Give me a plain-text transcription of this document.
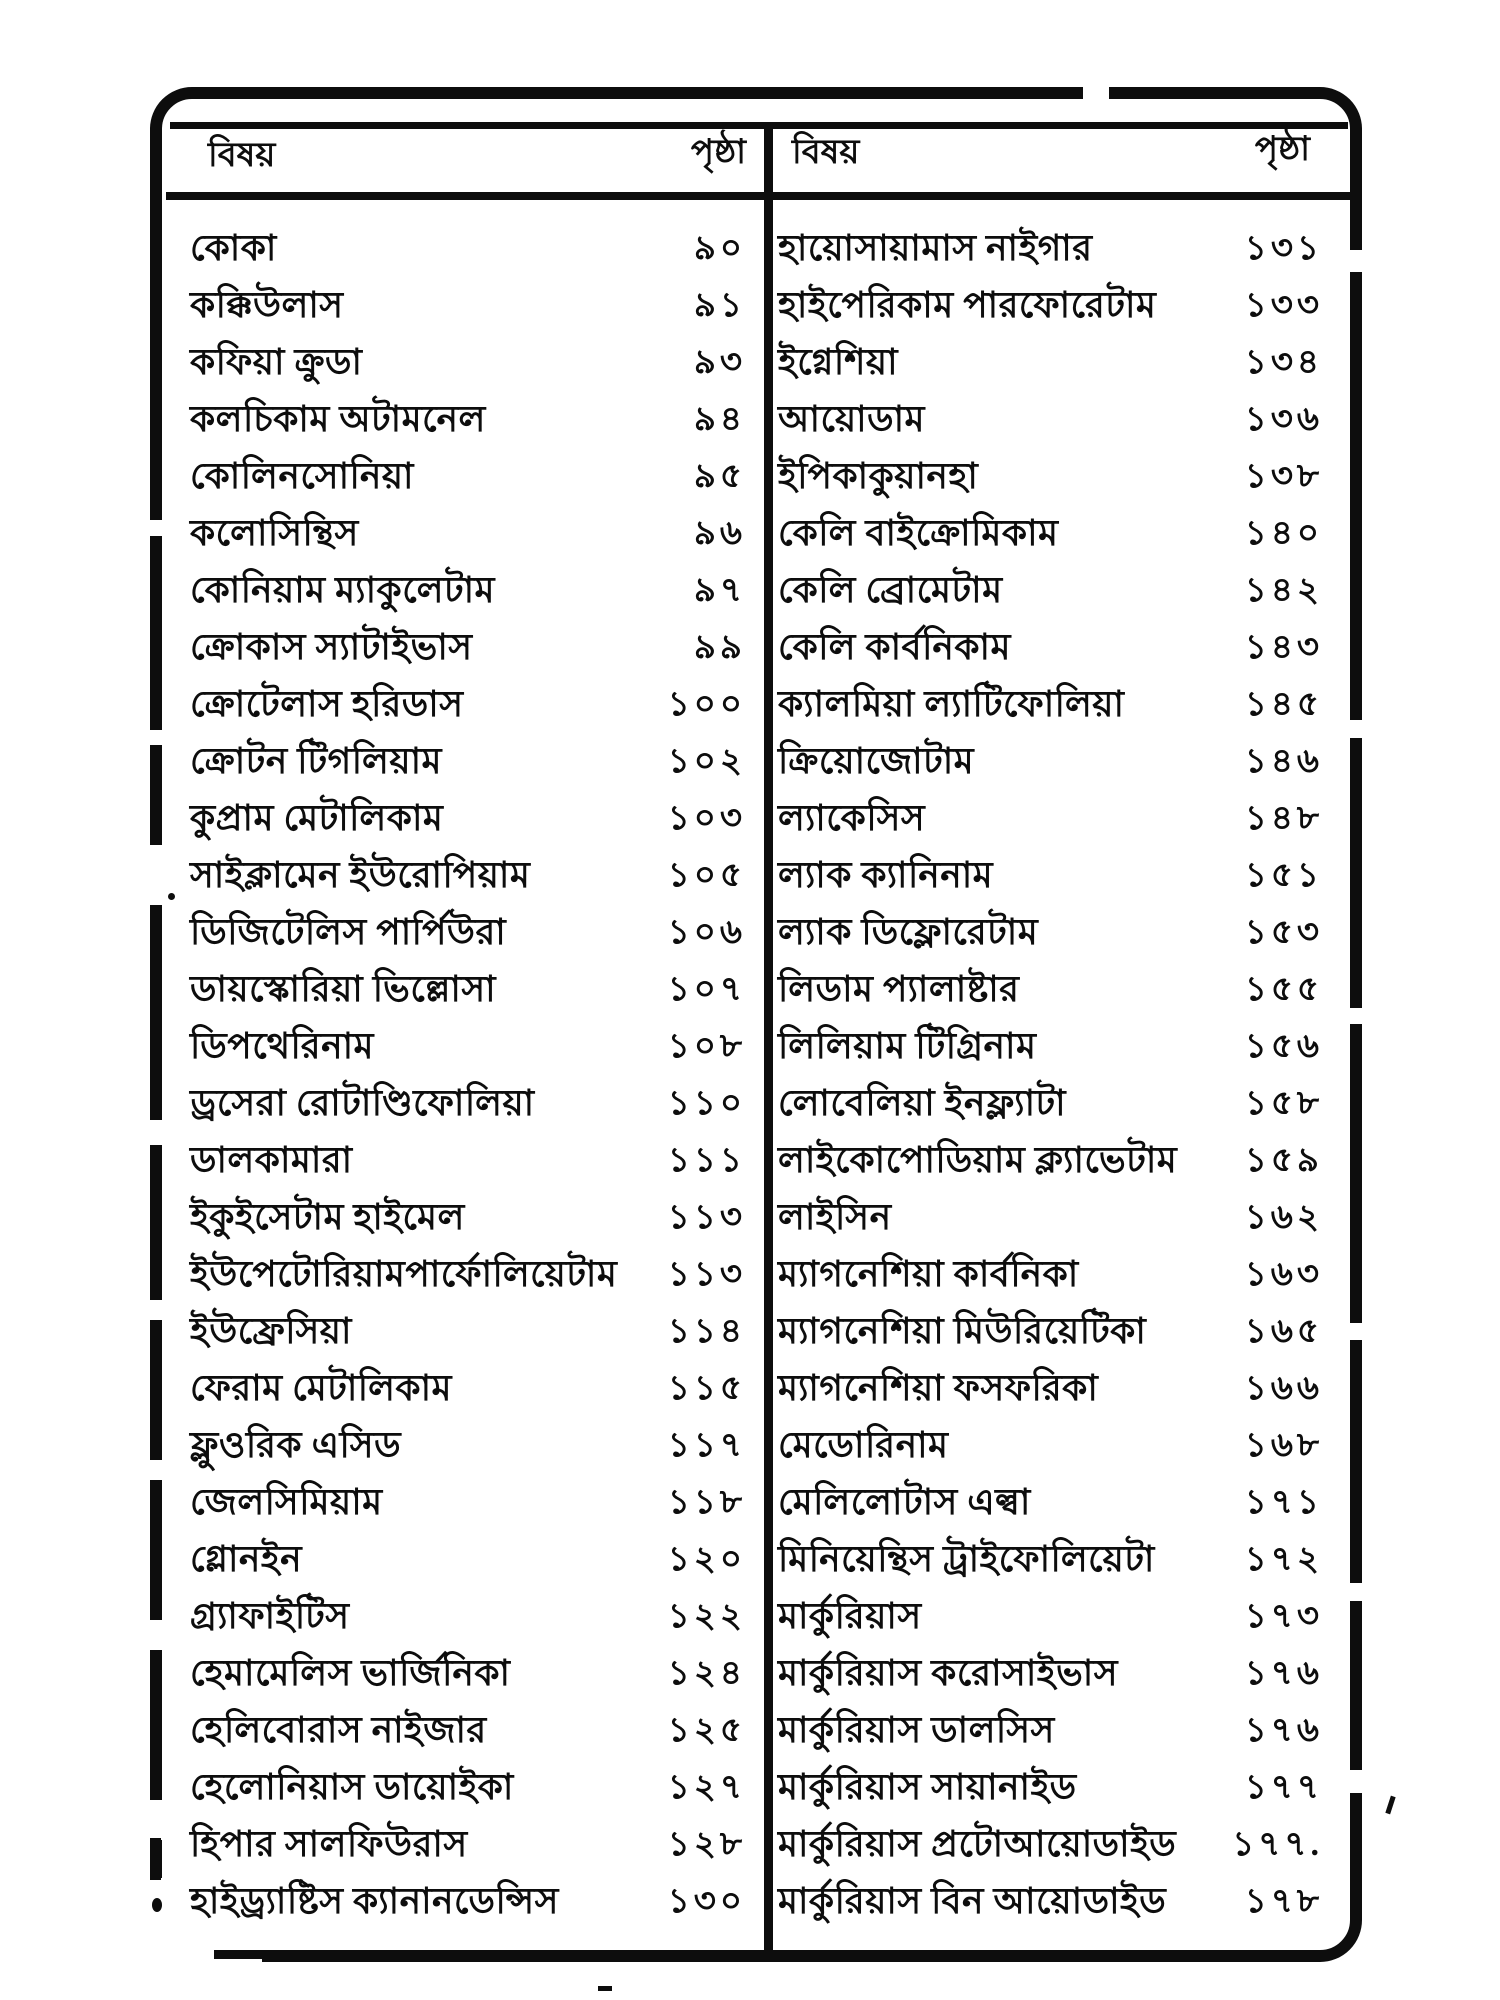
বিষয়	পৃষ্ঠা বিষয়	পৃষ্ঠা
কোকা	৯০
কক্কিউলাস	৯১
কফিয়া ক্রুডা	৯৩
কলচিকাম অটামনেল	৯৪
কোলিনসোনিয়া	৯৫
কলোসিন্থিস	৯৬
কোনিয়াম ম্যাকুলেটাম	৯৭
ক্রোকাস স্যাটাইভাস	৯৯
ক্রোটেলাস হরিডাস	১০০
ক্রোটন টিগলিয়াম	১০২
কুপ্রাম মেটালিকাম	১০৩
সাইক্লামেন ইউরোপিয়াম	১০৫
ডিজিটেলিস পার্পিউরা	১০৬
ডায়স্কোরিয়া ভিল্লোসা	১০৭
ডিপথেরিনাম	১০৮
ড্রসেরা রোটাণ্ডিফোলিয়া	১১০
ডালকামারা	১১১
ইকুইসেটাম হাইমেল	১১৩
ইউপেটোরিয়ামপার্ফোলিয়েটাম	১১৩
ইউফ্রেসিয়া	১১৪
ফেরাম মেটালিকাম	১১৫
ফ্লুওরিক এসিড	১১৭
জেলসিমিয়াম	১১৮
গ্লোনইন	১২০
গ্র্যাফাইটিস	১২২
হেমামেলিস ভার্জিনিকা	১২৪
হেলিবোরাস নাইজার	১২৫
হেলোনিয়াস ডায়োইকা	১২৭
হিপার সালফিউরাস	১২৮
হাইড্র্যাষ্টিস ক্যানানডেন্সিস	১৩০
হায়োসায়ামাস নাইগার	১৩১
হাইপেরিকাম পারফোরেটাম	১৩৩
ইগ্নেশিয়া	১৩৪
আয়োডাম	১৩৬
ইপিকাকুয়ানহা	১৩৮
কেলি বাইক্রোমিকাম	১৪০
কেলি ব্রোমেটাম	১৪২
কেলি কার্বনিকাম	১৪৩
ক্যালমিয়া ল্যাটিফোলিয়া	১৪৫
ক্রিয়োজোটাম	১৪৬
ল্যাকেসিস	১৪৮
ল্যাক ক্যানিনাম	১৫১
ল্যাক ডিফ্লোরেটাম	১৫৩
লিডাম প্যালাষ্টার	১৫৫
লিলিয়াম টিগ্রিনাম	১৫৬
লোবেলিয়া ইনফ্ল্যাটা	১৫৮
লাইকোপোডিয়াম ক্ল্যাভেটাম	১৫৯
লাইসিন	১৬২
ম্যাগনেশিয়া কার্বনিকা	১৬৩
ম্যাগনেশিয়া মিউরিয়েটিকা	১৬৫
ম্যাগনেশিয়া ফসফরিকা	১৬৬
মেডোরিনাম	১৬৮
মেলিলোটাস এল্বা	১৭১
মিনিয়েন্থিস ট্রাইফোলিয়েটা	১৭২
মার্কুরিয়াস	১৭৩
মার্কুরিয়াস করোসাইভাস	১৭৬
মার্কুরিয়াস ডালসিস	১৭৬
মার্কুরিয়াস সায়ানাইড	১৭৭
মার্কুরিয়াস প্রটোআয়োডাইড	১৭৭.
মার্কুরিয়াস বিন আয়োডাইড	১৭৮
